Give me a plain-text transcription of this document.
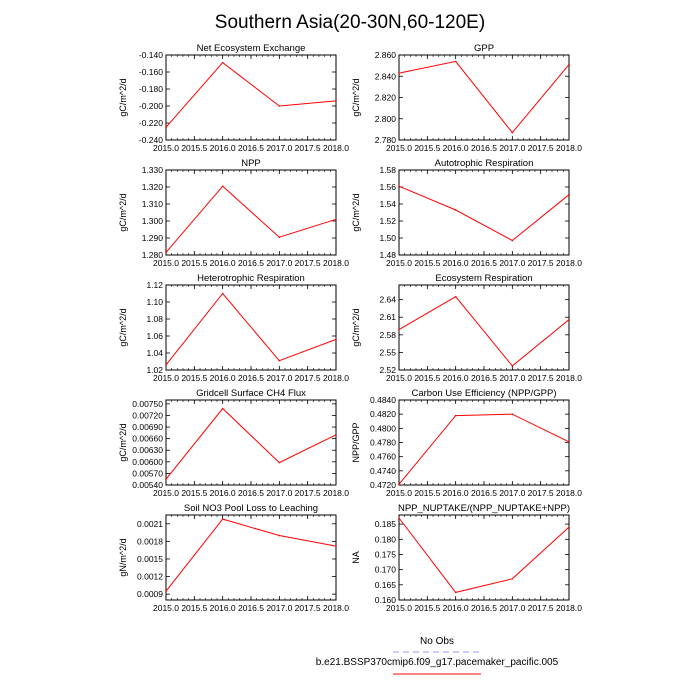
Southern Asia(20-30N,60-120E)
Net Ecosystem Exchange
2015.0 2015.5 2016.0 2016.5 2017.0 2017.5 2018.0
-0.140
-0.160
-0.180
-0.200
-0.220
-0.240
gC/m^2/d
GPP
2015.0 2015.5 2016.0 2016.5 2017.0 2017.5 2018.0
2.860
2.840
2.820
2.800
2.780
gC/m^2/d
NPP
2015.0 2015.5 2016.0 2016.5 2017.0 2017.5 2018.0
1.330
1.320
1.310
1.300
1.290
1.280
gC/m^2/d
Autotrophic Respiration
2015.0 2015.5 2016.0 2016.5 2017.0 2017.5 2018.0
1.58
1.56
1.54
1.52
1.50
1.48
gC/m^2/d
Heterotrophic Respiration
2015.0 2015.5 2016.0 2016.5 2017.0 2017.5 2018.0
1.12
1.10
1.08
1.06
1.04
1.02
gC/m^2/d
Ecosystem Respiration
2015.0 2015.5 2016.0 2016.5 2017.0 2017.5 2018.0
2.64
2.61
2.58
2.55
2.52
gC/m^2/d
Gridcell Surface CH4 Flux
2015.0 2015.5 2016.0 2016.5 2017.0 2017.5 2018.0
0.00750
0.00720
0.00690
0.00660
0.00630
0.00600
0.00570
0.00540
gC/m^2/d
Carbon Use Efficiency (NPP/GPP)
2015.0 2015.5 2016.0 2016.5 2017.0 2017.5 2018.0
0.4840
0.4820
0.4800
0.4780
0.4760
0.4740
0.4720
NPP/GPP
Soil NO3 Pool Loss to Leaching
2015.0 2015.5 2016.0 2016.5 2017.0 2017.5 2018.0
0.0021
0.0018
0.0015
0.0012
0.0009
gN/m^2/d
NPP_NUPTAKE/(NPP_NUPTAKE+NPP)
2015.0 2015.5 2016.0 2016.5 2017.0 2017.5 2018.0
0.185
0.180
0.175
0.170
0.165
0.160
NA
No Obs
b.e21.BSSP370cmip6.f09_g17.pacemaker_pacific.005
